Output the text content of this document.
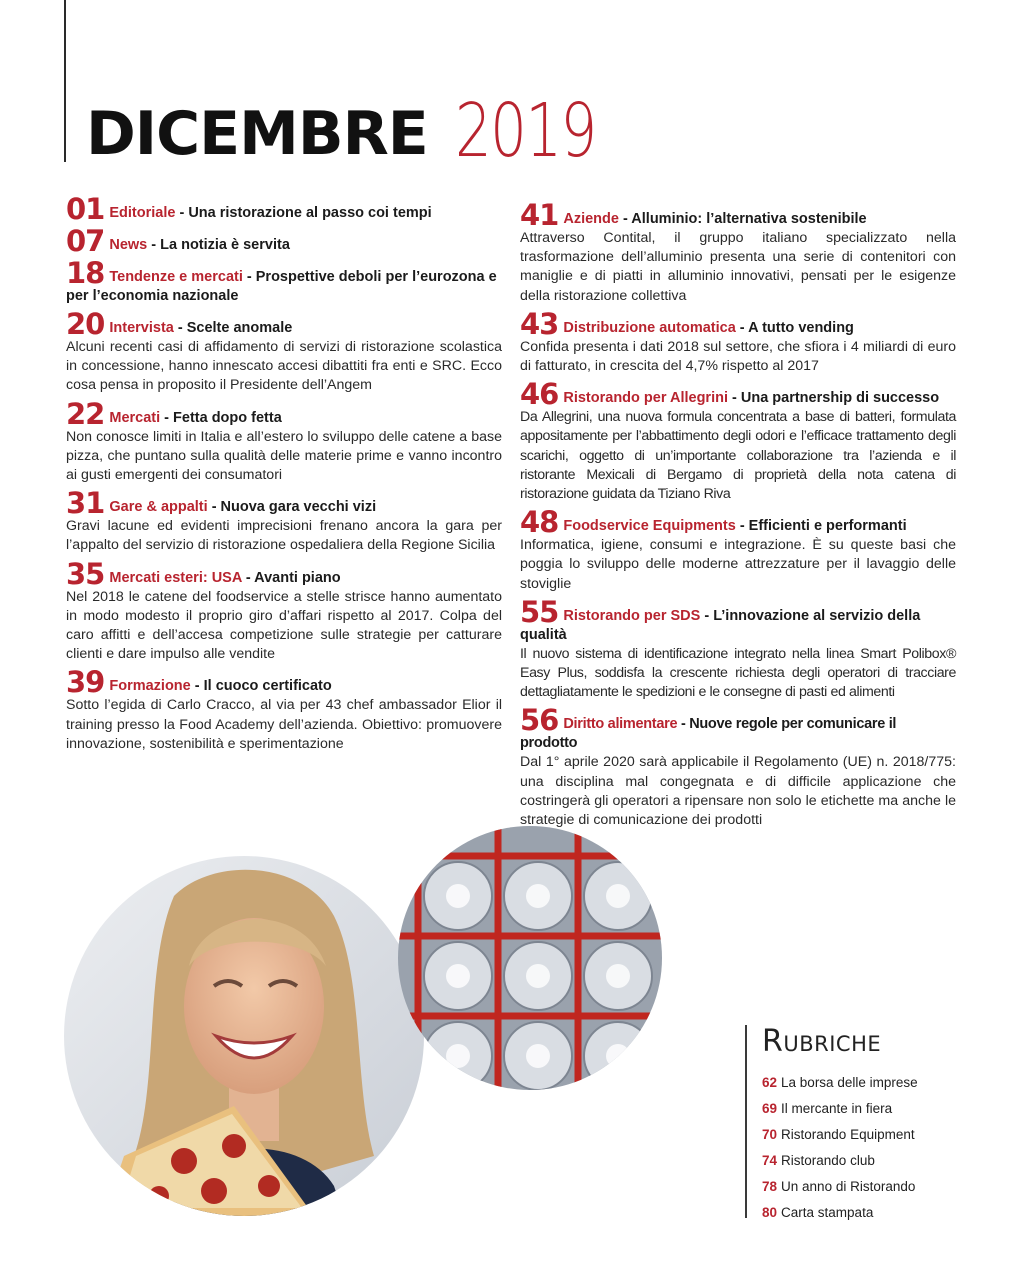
DICEMBRE 2019
01 Editoriale - Una ristorazione al passo coi tempi
07 News - La notizia è servita
18 Tendenze e mercati - Prospettive deboli per l’eurozona e per l’economia nazionale
20 Intervista - Scelte anomale
Alcuni recenti casi di affidamento di servizi di ristorazione scolastica in concessione, hanno innescato accesi dibattiti fra enti e SRC. Ecco cosa pensa in proposito il Presidente dell’Angem
22 Mercati - Fetta dopo fetta
Non conosce limiti in Italia e all’estero lo sviluppo delle catene a base pizza, che puntano sulla qualità delle materie prime e vanno incontro ai gusti emergenti dei consumatori
31 Gare & appalti - Nuova gara vecchi vizi
Gravi lacune ed evidenti imprecisioni frenano ancora la gara per l’appalto del servizio di ristorazione ospedaliera della Regione Sicilia
35 Mercati esteri: USA - Avanti piano
Nel 2018 le catene del foodservice a stelle strisce hanno aumentato in modo modesto il proprio giro d’affari rispetto al 2017. Colpa del caro affitti e dell’accesa competizione sulle strategie per catturare clienti e dare impulso alle vendite
39 Formazione - Il cuoco certificato
Sotto l’egida di Carlo Cracco, al via per 43 chef ambassador Elior il training presso la Food Academy dell’azienda. Obiettivo: promuovere innovazione, sostenibilità e sperimentazione
41 Aziende - Alluminio: l’alternativa sostenibile
Attraverso Contital, il gruppo italiano specializzato nella trasformazione dell’alluminio presenta una serie di contenitori con maniglie e di piatti in alluminio innovativi, pensati per le esigenze della ristorazione collettiva
43 Distribuzione automatica - A tutto vending
Confida presenta i dati 2018 sul settore, che sfiora i 4 miliardi di euro di fatturato, in crescita del 4,7% rispetto al 2017
46 Ristorando per Allegrini - Una partnership di successo
Da Allegrini, una nuova formula concentrata a base di batteri, formulata appositamente per l’abbattimento degli odori e l’efficace trattamento degli scarichi, oggetto di un’importante collaborazione tra l’azienda e il ristorante Mexicali di Bergamo di proprietà della nota catena di ristorazione guidata da Tiziano Riva
48 Foodservice Equipments - Efficienti e performanti
Informatica, igiene, consumi e integrazione. È su queste basi che poggia lo sviluppo delle moderne attrezzature per il lavaggio delle stoviglie
55 Ristorando per SDS - L’innovazione al servizio della qualità
Il nuovo sistema di identificazione integrato nella linea Smart Polibox® Easy Plus, soddisfa la crescente richiesta degli operatori di tracciare dettagliatamente le spedizioni e le consegne di pasti ed alimenti
56 Diritto alimentare - Nuove regole per comunicare il prodotto
Dal 1° aprile 2020 sarà applicabile il Regolamento (UE) n. 2018/775: una disciplina mal congegnata e di difficile applicazione che costringerà gli operatori a ripensare non solo le etichette ma anche le strategie di comunicazione dei prodotti
Rubriche
62 La borsa delle imprese
69 Il mercante in fiera
70 Ristorando Equipment
74 Ristorando club
78 Un anno di Ristorando
80 Carta stampata
